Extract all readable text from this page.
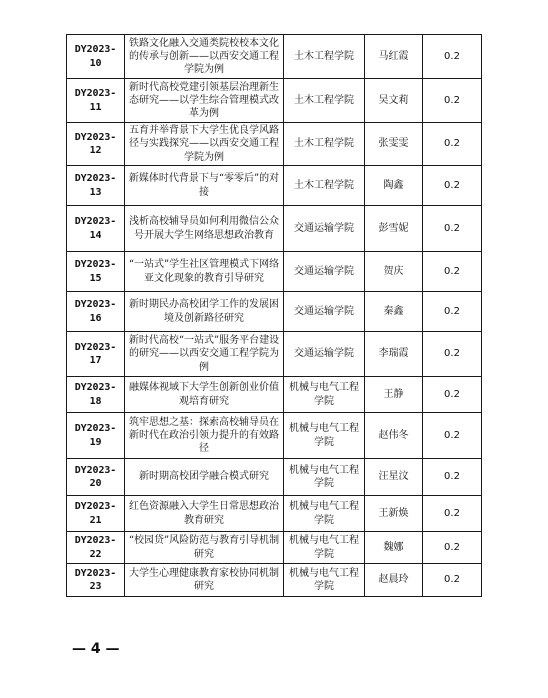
DY2023-10	铁路文化融入交通类院校校本文化的传承与创新——以西安交通工程学院为例	土木工程学院	马红霞	0.2
DY2023-11	新时代高校党建引领基层治理新生态研究——以学生综合管理模式改革为例	土木工程学院	吴文莉	0.2
DY2023-12	五育并举背景下大学生优良学风路径与实践探究——以西安交通工程学院为例	土木工程学院	张雯雯	0.2
DY2023-13	新媒体时代背景下与“零零后”的对接	土木工程学院	陶鑫	0.2
DY2023-14	浅析高校辅导员如何利用微信公众号开展大学生网络思想政治教育	交通运输学院	彭雪妮	0.2
DY2023-15	“一站式”学生社区管理模式下网络亚文化现象的教育引导研究	交通运输学院	贺庆	0.2
DY2023-16	新时期民办高校团学工作的发展困境及创新路径研究	交通运输学院	秦鑫	0.2
DY2023-17	新时代高校“一站式”服务平台建设的研究——以西安交通工程学院为例	交通运输学院	李瑞霞	0.2
DY2023-18	融媒体视域下大学生创新创业价值观培育研究	机械与电气工程学院	王静	0.2
DY2023-19	筑牢思想之基：探索高校辅导员在新时代在政治引领力提升的有效路径	机械与电气工程学院	赵伟冬	0.2
DY2023-20	新时期高校团学融合模式研究	机械与电气工程学院	汪星汶	0.2
DY2023-21	红色资源融入大学生日常思想政治教育研究	机械与电气工程学院	王新焕	0.2
DY2023-22	“校园贷”风险防范与教育引导机制研究	机械与电气工程学院	魏娜	0.2
DY2023-23	大学生心理健康教育家校协同机制研究	机械与电气工程学院	赵晨玲	0.2
— 4 —
